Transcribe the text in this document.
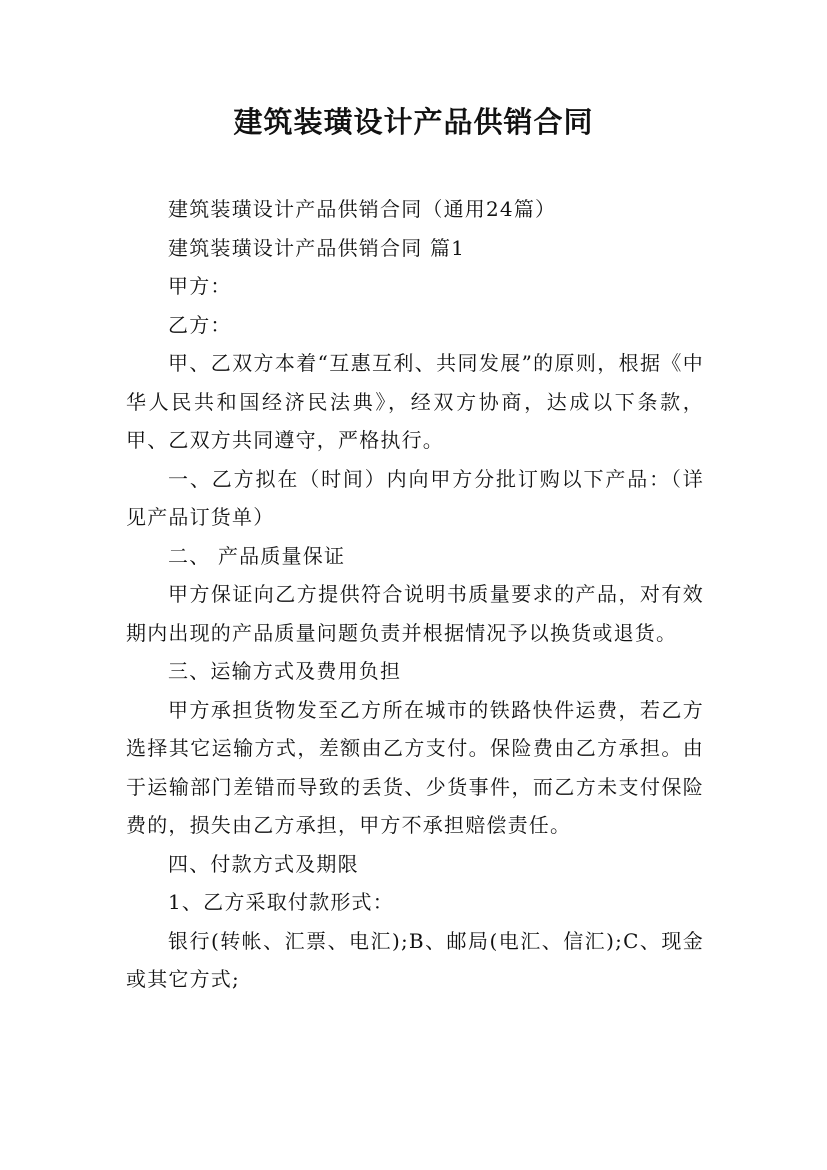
建筑装璜设计产品供销合同

建筑装璜设计产品供销合同（通用24篇）

建筑装璜设计产品供销合同 篇1

甲方：

乙方：

甲、乙双方本着“互惠互利、共同发展”的原则，根据《中华人民共和国经济民法典》，经双方协商，达成以下条款，甲、乙双方共同遵守，严格执行。

一、乙方拟在（时间）内向甲方分批订购以下产品：（详见产品订货单）

二、 产品质量保证

甲方保证向乙方提供符合说明书质量要求的产品，对有效期内出现的产品质量问题负责并根据情况予以换货或退货。

三、运输方式及费用负担

甲方承担货物发至乙方所在城市的铁路快件运费，若乙方选择其它运输方式，差额由乙方支付。保险费由乙方承担。由于运输部门差错而导致的丢货、少货事件，而乙方未支付保险费的，损失由乙方承担，甲方不承担赔偿责任。

四、付款方式及期限

1、乙方采取付款形式：

银行(转帐、汇票、电汇);B、邮局(电汇、信汇);C、现金或其它方式;
